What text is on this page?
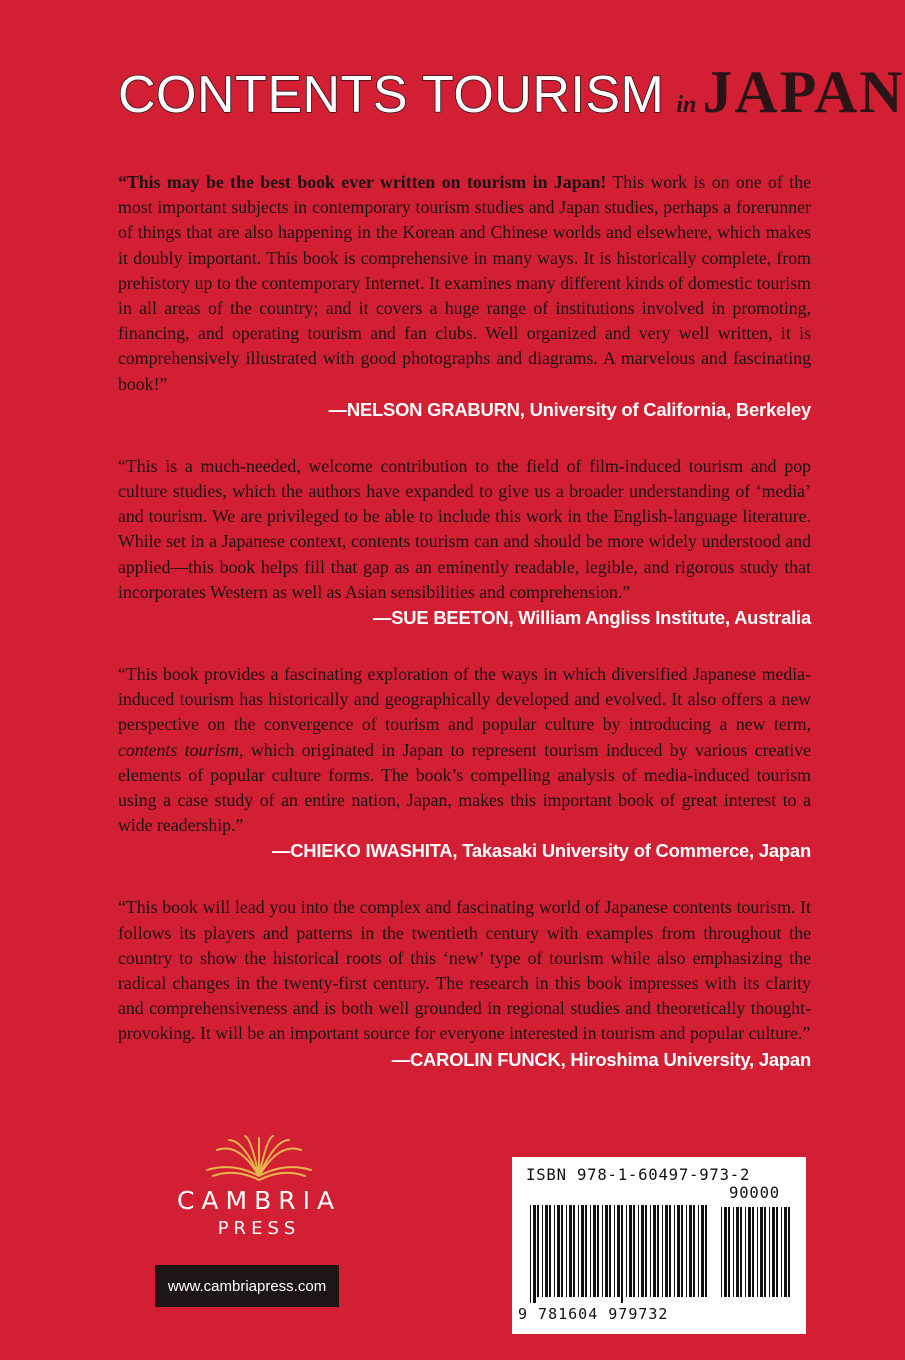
CONTENTS TOURISM in JAPAN

“This may be the best book ever written on tourism in Japan! This work is on one of the most important subjects in contemporary tourism studies and Japan studies, perhaps a forerunner of things that are also happening in the Korean and Chinese worlds and elsewhere, which makes it doubly important. This book is comprehensive in many ways. It is historically complete, from prehistory up to the contemporary Internet. It examines many different kinds of domestic tourism in all areas of the country; and it covers a huge range of institutions involved in promoting, financing, and operating tourism and fan clubs. Well organized and very well written, it is comprehensively illustrated with good photographs and diagrams. A marvelous and fascinating book!”

—NELSON GRABURN, University of California, Berkeley

“This is a much-needed, welcome contribution to the field of film-induced tourism and pop culture studies, which the authors have expanded to give us a broader understanding of ‘media’ and tourism. We are privileged to be able to include this work in the English-language literature. While set in a Japanese context, contents tourism can and should be more widely understood and applied—this book helps fill that gap as an eminently readable, legible, and rigorous study that incorporates Western as well as Asian sensibilities and comprehension.”

—SUE BEETON, William Angliss Institute, Australia

“This book provides a fascinating exploration of the ways in which diversified Japanese media-induced tourism has historically and geographically developed and evolved. It also offers a new perspective on the convergence of tourism and popular culture by introducing a new term, contents tourism, which originated in Japan to represent tourism induced by various creative elements of popular culture forms. The book’s compelling analysis of media-induced tourism using a case study of an entire nation, Japan, makes this important book of great interest to a wide readership.”

—CHIEKO IWASHITA, Takasaki University of Commerce, Japan

“This book will lead you into the complex and fascinating world of Japanese contents tourism. It follows its players and patterns in the twentieth century with examples from throughout the country to show the historical roots of this ‘new’ type of tourism while also emphasizing the radical changes in the twenty-first century. The research in this book impresses with its clarity and comprehensiveness and is both well grounded in regional studies and theoretically thought-provoking. It will be an important source for everyone interested in tourism and popular culture.”

—CAROLIN FUNCK, Hiroshima University, Japan
CAMBRIA
PRESS
www.cambriapress.com
ISBN 978-1-60497-973-2
90000
9 781604 979732
